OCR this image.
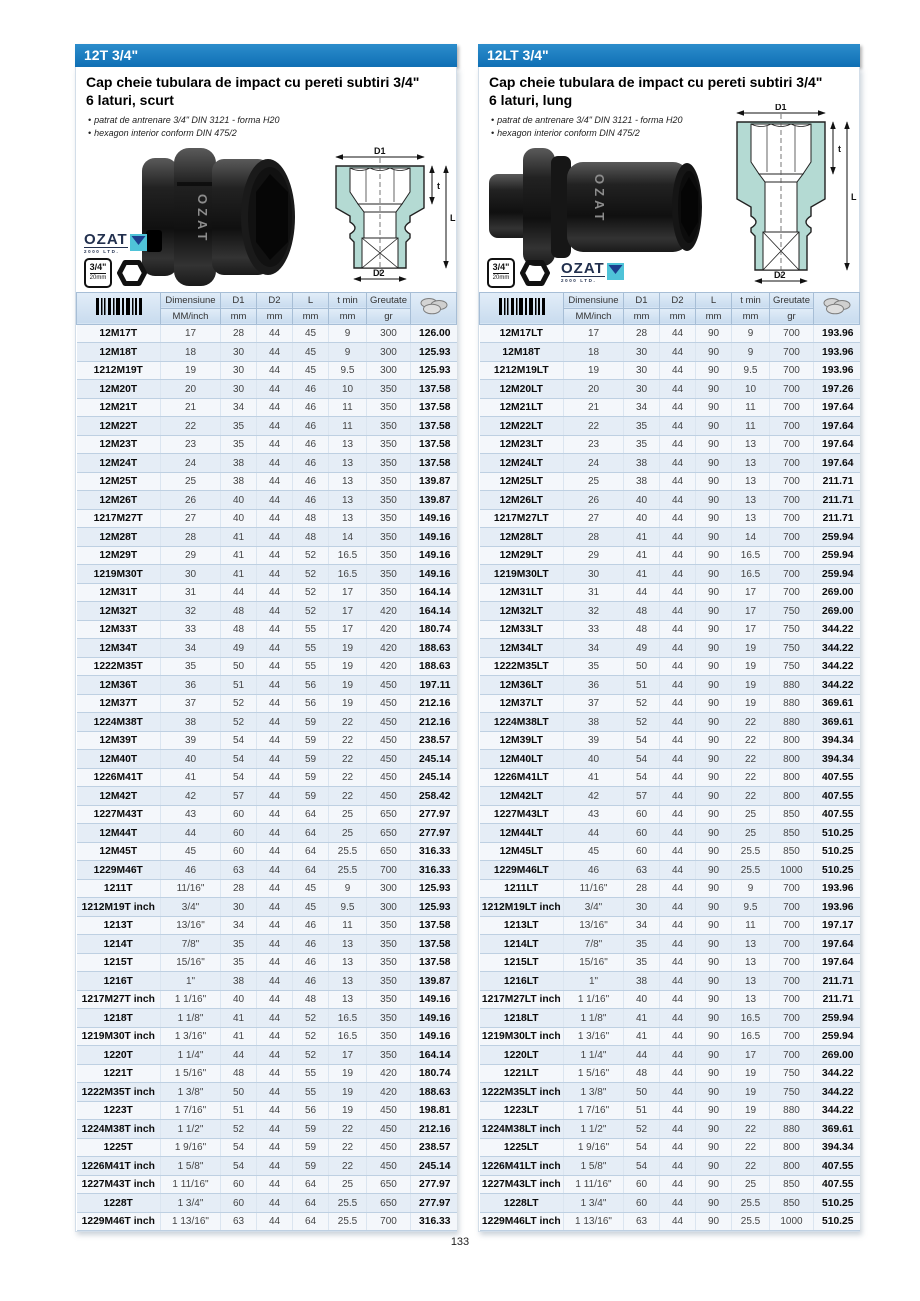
12T 3/4"
Cap cheie tubulara de impact cu pereti subtiri 3/4"
6 laturi, scurt
• patrat de antrenare 3/4" DIN 3121 - forma H20
• hexagon interior conform DIN 475/2
OZAT
D1
t
L
D2
OZAT
2000 LTD.
3/4"
20mm
	Dimensiune	D1	D2	L	t min	Greutate	
	MM/inch	mm	mm	mm	mm	gr	
12M17T	17	28	44	45	9	300	126.00
12M18T	18	30	44	45	9	300	125.93
1212M19T	19	30	44	45	9.5	300	125.93
12M20T	20	30	44	46	10	350	137.58
12M21T	21	34	44	46	11	350	137.58
12M22T	22	35	44	46	11	350	137.58
12M23T	23	35	44	46	13	350	137.58
12M24T	24	38	44	46	13	350	137.58
12M25T	25	38	44	46	13	350	139.87
12M26T	26	40	44	46	13	350	139.87
1217M27T	27	40	44	48	13	350	149.16
12M28T	28	41	44	48	14	350	149.16
12M29T	29	41	44	52	16.5	350	149.16
1219M30T	30	41	44	52	16.5	350	149.16
12M31T	31	44	44	52	17	350	164.14
12M32T	32	48	44	52	17	420	164.14
12M33T	33	48	44	55	17	420	180.74
12M34T	34	49	44	55	19	420	188.63
1222M35T	35	50	44	55	19	420	188.63
12M36T	36	51	44	56	19	450	197.11
12M37T	37	52	44	56	19	450	212.16
1224M38T	38	52	44	59	22	450	212.16
12M39T	39	54	44	59	22	450	238.57
12M40T	40	54	44	59	22	450	245.14
1226M41T	41	54	44	59	22	450	245.14
12M42T	42	57	44	59	22	450	258.42
1227M43T	43	60	44	64	25	650	277.97
12M44T	44	60	44	64	25	650	277.97
12M45T	45	60	44	64	25.5	650	316.33
1229M46T	46	63	44	64	25.5	700	316.33
1211T	11/16"	28	44	45	9	300	125.93
1212M19T inch	3/4"	30	44	45	9.5	300	125.93
1213T	13/16"	34	44	46	11	350	137.58
1214T	7/8"	35	44	46	13	350	137.58
1215T	15/16"	35	44	46	13	350	137.58
1216T	1"	38	44	46	13	350	139.87
1217M27T inch	1 1/16"	40	44	48	13	350	149.16
1218T	1 1/8"	41	44	52	16.5	350	149.16
1219M30T inch	1 3/16"	41	44	52	16.5	350	149.16
1220T	1 1/4"	44	44	52	17	350	164.14
1221T	1 5/16"	48	44	55	19	420	180.74
1222M35T inch	1 3/8"	50	44	55	19	420	188.63
1223T	1 7/16"	51	44	56	19	450	198.81
1224M38T inch	1 1/2"	52	44	59	22	450	212.16
1225T	1 9/16"	54	44	59	22	450	238.57
1226M41T inch	1 5/8"	54	44	59	22	450	245.14
1227M43T inch	1 11/16"	60	44	64	25	650	277.97
1228T	1 3/4"	60	44	64	25.5	650	277.97
1229M46T inch	1 13/16"	63	44	64	25.5	700	316.33
12LT 3/4"
Cap cheie tubulara de impact cu pereti subtiri 3/4"
6 laturi, lung
• patrat de antrenare 3/4" DIN 3121 - forma H20
• hexagon interior conform DIN 475/2
OZAT
D1
t
L
D2
3/4"
20mm
OZAT
2000 LTD.
	Dimensiune	D1	D2	L	t min	Greutate	
	MM/inch	mm	mm	mm	mm	gr	
12M17LT	17	28	44	90	9	700	193.96
12M18T	18	30	44	90	9	700	193.96
1212M19LT	19	30	44	90	9.5	700	193.96
12M20LT	20	30	44	90	10	700	197.26
12M21LT	21	34	44	90	11	700	197.64
12M22LT	22	35	44	90	11	700	197.64
12M23LT	23	35	44	90	13	700	197.64
12M24LT	24	38	44	90	13	700	197.64
12M25LT	25	38	44	90	13	700	211.71
12M26LT	26	40	44	90	13	700	211.71
1217M27LT	27	40	44	90	13	700	211.71
12M28LT	28	41	44	90	14	700	259.94
12M29LT	29	41	44	90	16.5	700	259.94
1219M30LT	30	41	44	90	16.5	700	259.94
12M31LT	31	44	44	90	17	700	269.00
12M32LT	32	48	44	90	17	750	269.00
12M33LT	33	48	44	90	17	750	344.22
12M34LT	34	49	44	90	19	750	344.22
1222M35LT	35	50	44	90	19	750	344.22
12M36LT	36	51	44	90	19	880	344.22
12M37LT	37	52	44	90	19	880	369.61
1224M38LT	38	52	44	90	22	880	369.61
12M39LT	39	54	44	90	22	800	394.34
12M40LT	40	54	44	90	22	800	394.34
1226M41LT	41	54	44	90	22	800	407.55
12M42LT	42	57	44	90	22	800	407.55
1227M43LT	43	60	44	90	25	850	407.55
12M44LT	44	60	44	90	25	850	510.25
12M45LT	45	60	44	90	25.5	850	510.25
1229M46LT	46	63	44	90	25.5	1000	510.25
1211LT	11/16"	28	44	90	9	700	193.96
1212M19LT inch	3/4"	30	44	90	9.5	700	193.96
1213LT	13/16"	34	44	90	11	700	197.17
1214LT	7/8"	35	44	90	13	700	197.64
1215LT	15/16"	35	44	90	13	700	197.64
1216LT	1"	38	44	90	13	700	211.71
1217M27LT inch	1 1/16"	40	44	90	13	700	211.71
1218LT	1 1/8"	41	44	90	16.5	700	259.94
1219M30LT inch	1 3/16"	41	44	90	16.5	700	259.94
1220LT	1 1/4"	44	44	90	17	700	269.00
1221LT	1 5/16"	48	44	90	19	750	344.22
1222M35LT inch	1 3/8"	50	44	90	19	750	344.22
1223LT	1 7/16"	51	44	90	19	880	344.22
1224M38LT inch	1 1/2"	52	44	90	22	880	369.61
1225LT	1 9/16"	54	44	90	22	800	394.34
1226M41LT inch	1 5/8"	54	44	90	22	800	407.55
1227M43LT inch	1 11/16"	60	44	90	25	850	407.55
1228LT	1 3/4"	60	44	90	25.5	850	510.25
1229M46LT inch	1 13/16"	63	44	90	25.5	1000	510.25
133
